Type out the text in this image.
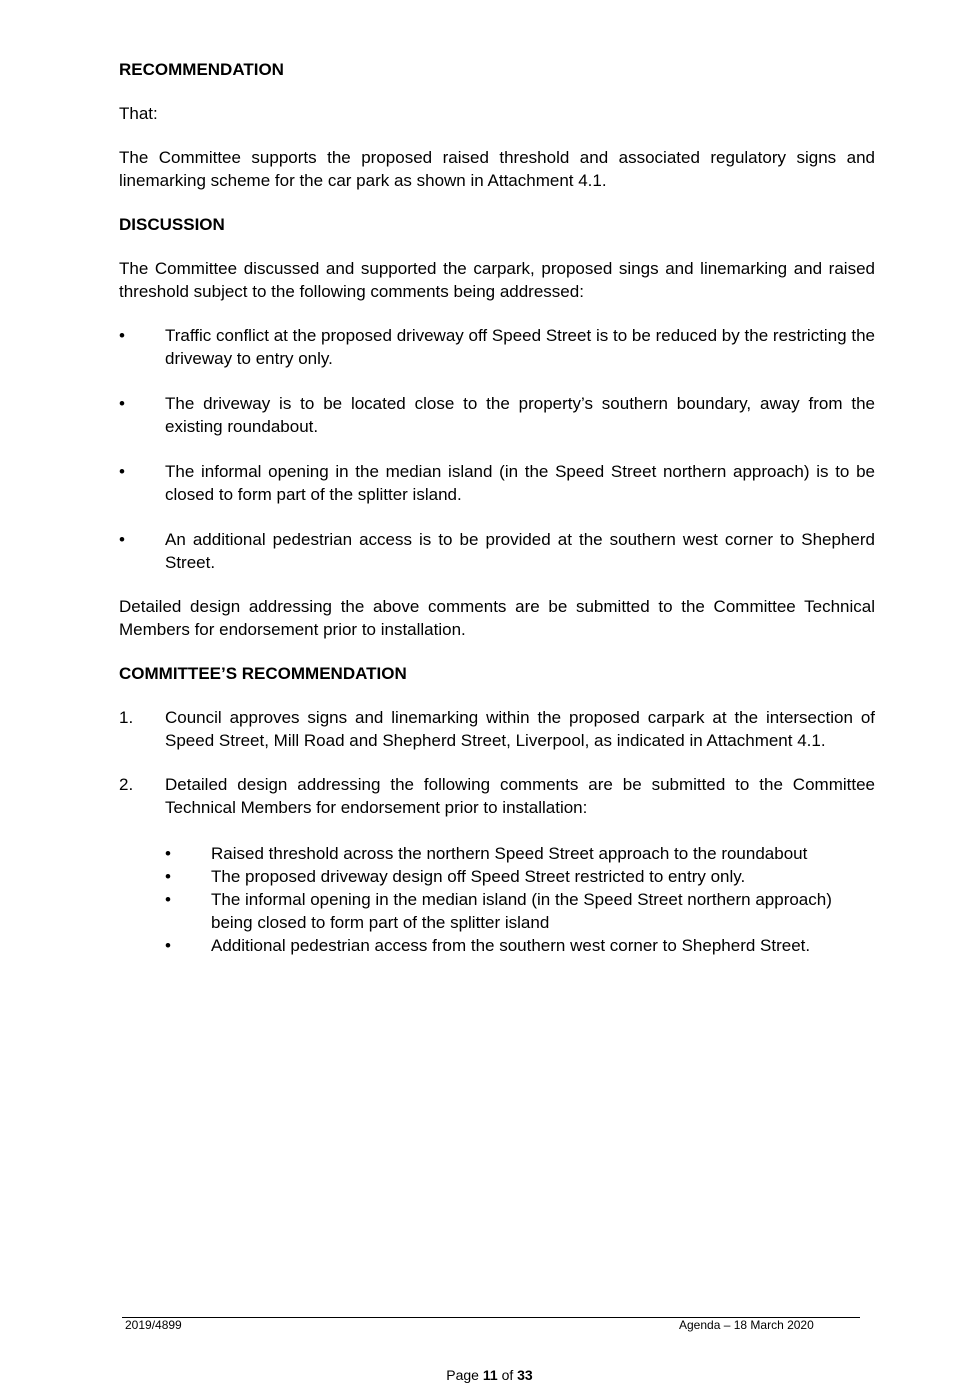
RECOMMENDATION
That:
The Committee supports the proposed raised threshold and associated regulatory signs and linemarking scheme for the car park as shown in Attachment 4.1.
DISCUSSION
The Committee discussed and supported the carpark, proposed sings and linemarking and raised threshold subject to the following comments being addressed:
•	Traffic conflict at the proposed driveway off Speed Street is to be reduced by the restricting the driveway to entry only.
•	The driveway is to be located close to the property’s southern boundary, away from the existing roundabout.
•	The informal opening in the median island (in the Speed Street northern approach) is to be closed to form part of the splitter island.
•	An additional pedestrian access is to be provided at the southern west corner to Shepherd Street.
Detailed design addressing the above comments are be submitted to the Committee Technical Members for endorsement prior to installation.
COMMITTEE’S RECOMMENDATION
1.	Council approves signs and linemarking within the proposed carpark at the intersection of Speed Street, Mill Road and Shepherd Street, Liverpool, as indicated in Attachment 4.1.
2.	Detailed design addressing the following comments are be submitted to the Committee Technical Members for endorsement prior to installation:
•	Raised threshold across the northern Speed Street approach to the roundabout
•	The proposed driveway design off Speed Street restricted to entry only.
•	The informal opening in the median island (in the Speed Street northern approach) being closed to form part of the splitter island
•	Additional pedestrian access from the southern west corner to Shepherd Street.
2019/4899	Agenda – 18 March 2020
Page 11 of 33
